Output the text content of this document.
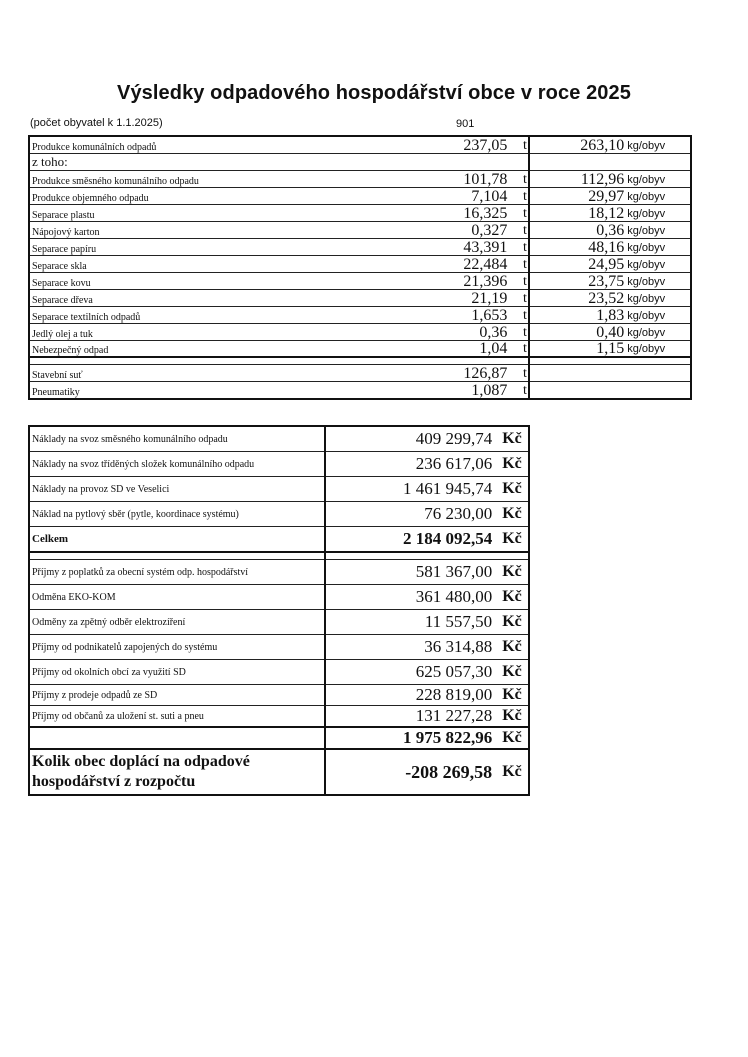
Výsledky odpadového hospodářství obce v roce 2025
(počet obyvatel k 1.1.2025)	901
Produkce komunálních odpadů	237,05	t	263,10	kg/obyv
z toho:				
Produkce směsného komunálního odpadu	101,78	t	112,96	kg/obyv
Produkce objemného odpadu	7,104	t	29,97	kg/obyv
Separace plastu	16,325	t	18,12	kg/obyv
Nápojový karton	0,327	t	0,36	kg/obyv
Separace papíru	43,391	t	48,16	kg/obyv
Separace skla	22,484	t	24,95	kg/obyv
Separace kovu	21,396	t	23,75	kg/obyv
Separace dřeva	21,19	t	23,52	kg/obyv
Separace textilních odpadů	1,653	t	1,83	kg/obyv
Jedlý olej a tuk	0,36	t	0,40	kg/obyv
Nebezpečný odpad	1,04	t	1,15	kg/obyv

Stavební suť	126,87	t		
Pneumatiky	1,087	t		
Náklady na svoz směsného komunálního odpadu	409 299,74	Kč
Náklady na svoz tříděných složek komunálního odpadu	236 617,06	Kč
Náklady na provoz SD ve Veselici	1 461 945,74	Kč
Náklad na pytlový sběr (pytle, koordinace systému)	76 230,00	Kč
Celkem	2 184 092,54	Kč

Příjmy z poplatků za obecní systém odp. hospodářství	581 367,00	Kč
Odměna EKO-KOM	361 480,00	Kč
Odměny za zpětný odběr elektrozíření	11 557,50	Kč
Příjmy od podnikatelů zapojených do systému	36 314,88	Kč
Příjmy od okolních obcí za využití SD	625 057,30	Kč
Příjmy z prodeje odpadů ze SD	228 819,00	Kč
Příjmy od občanů za uložení st. suti a pneu	131 227,28	Kč
	1 975 822,96	Kč
Kolik obec doplácí na odpadové hospodářství z rozpočtu	-208 269,58	Kč
